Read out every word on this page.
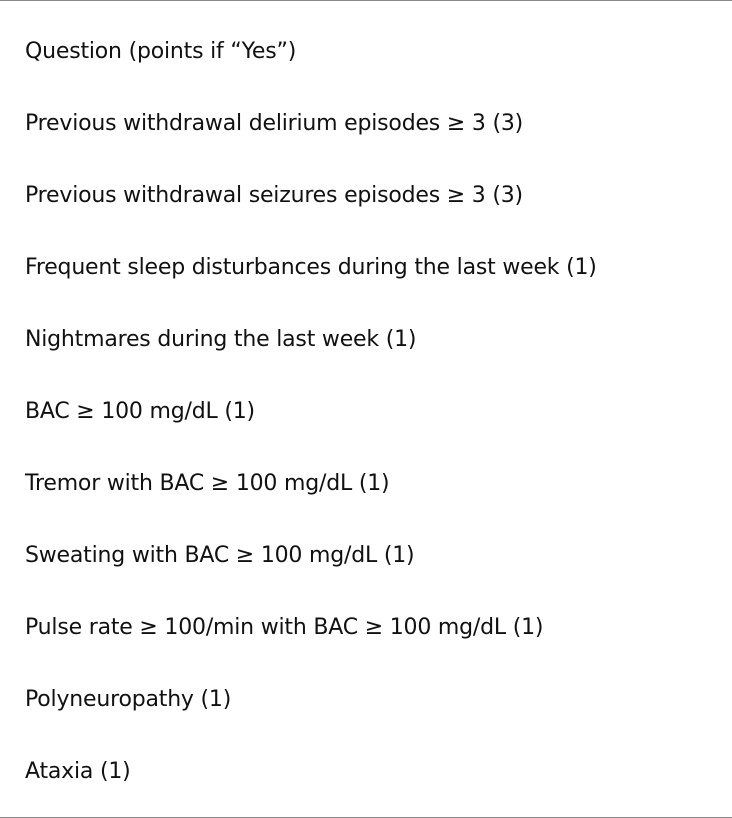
Question (points if “Yes”)
Previous withdrawal delirium episodes ≥ 3 (3)
Previous withdrawal seizures episodes ≥ 3 (3)
Frequent sleep disturbances during the last week (1)
Nightmares during the last week (1)
BAC ≥ 100 mg/dL (1)
Tremor with BAC ≥ 100 mg/dL (1)
Sweating with BAC ≥ 100 mg/dL (1)
Pulse rate ≥ 100/min with BAC ≥ 100 mg/dL (1)
Polyneuropathy (1)
Ataxia (1)
